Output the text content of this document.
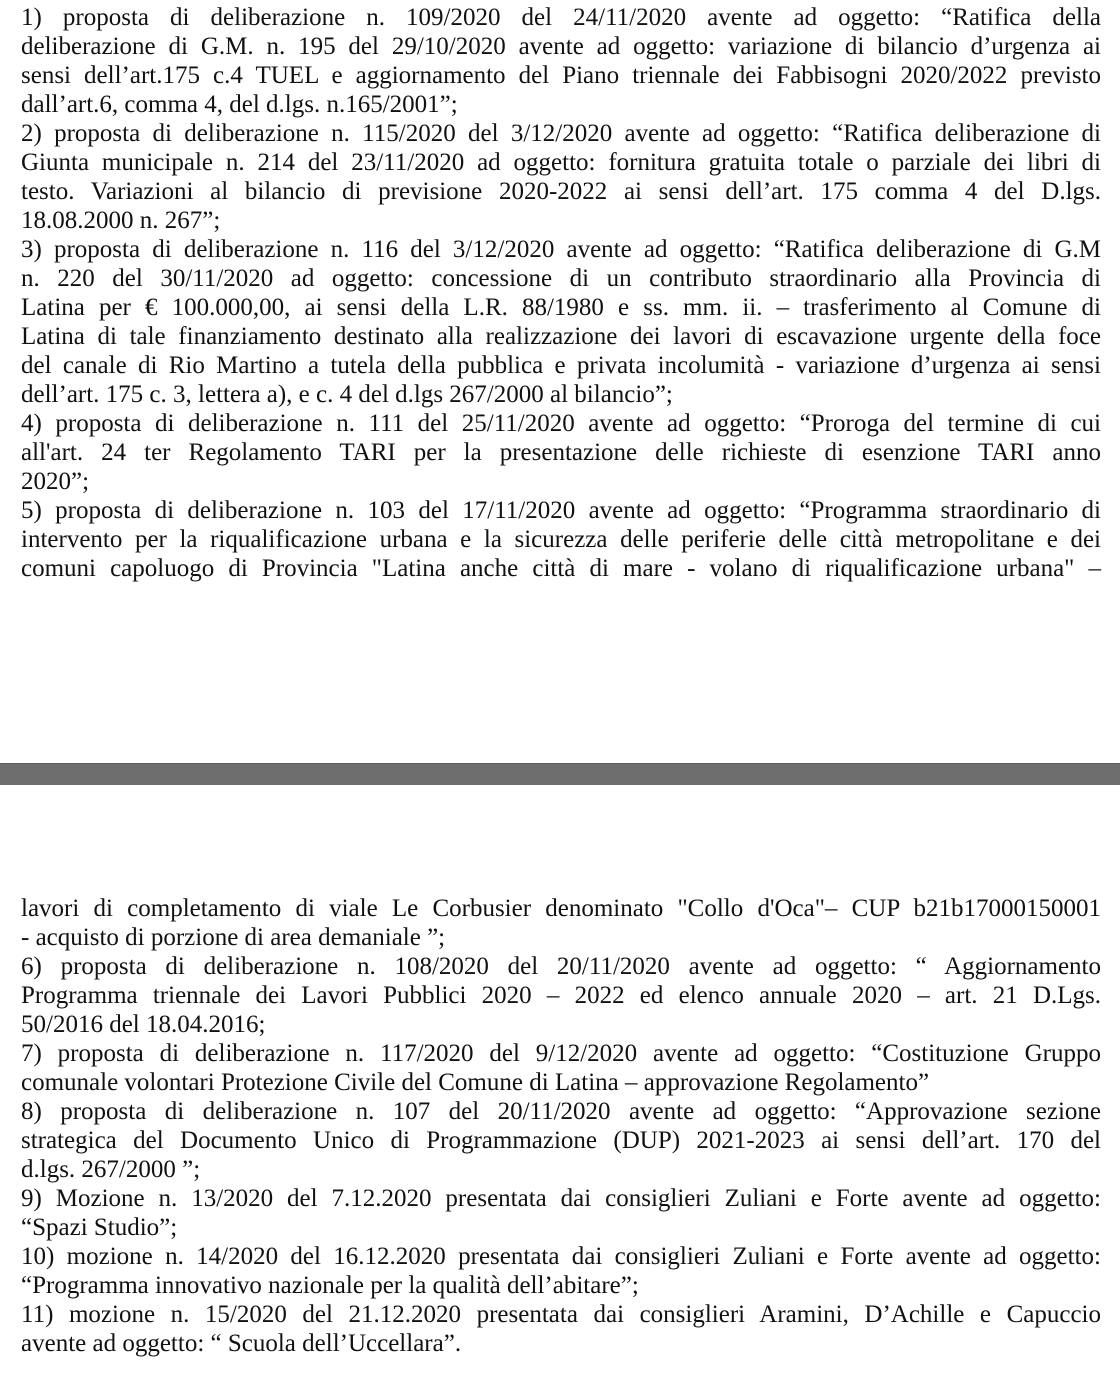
1) proposta di deliberazione n. 109/2020 del 24/11/2020 avente ad oggetto: “Ratifica della
deliberazione di G.M. n. 195 del 29/10/2020 avente ad oggetto: variazione di bilancio d’urgenza ai
sensi dell’art.175 c.4 TUEL e aggiornamento del Piano triennale dei Fabbisogni 2020/2022 previsto
dall’art.6, comma 4, del d.lgs. n.165/2001”;
2) proposta di deliberazione n. 115/2020 del 3/12/2020 avente ad oggetto: “Ratifica deliberazione di
Giunta municipale n. 214 del 23/11/2020 ad oggetto: fornitura gratuita totale o parziale dei libri di
testo. Variazioni al bilancio di previsione 2020-2022 ai sensi dell’art. 175 comma 4 del D.lgs.
18.08.2000 n. 267”;
3) proposta di deliberazione n. 116 del 3/12/2020 avente ad oggetto: “Ratifica deliberazione di G.M
n. 220 del 30/11/2020 ad oggetto: concessione di un contributo straordinario alla Provincia di
Latina per € 100.000,00, ai sensi della L.R. 88/1980 e ss. mm. ii. – trasferimento al Comune di
Latina di tale finanziamento destinato alla realizzazione dei lavori di escavazione urgente della foce
del canale di Rio Martino a tutela della pubblica e privata incolumità - variazione d’urgenza ai sensi
dell’art. 175 c. 3, lettera a), e c. 4 del d.lgs 267/2000 al bilancio”;
4) proposta di deliberazione n. 111 del 25/11/2020 avente ad oggetto: “Proroga del termine di cui
all'art. 24 ter Regolamento TARI per la presentazione delle richieste di esenzione TARI anno
2020”;
5) proposta di deliberazione n. 103 del 17/11/2020 avente ad oggetto: “Programma straordinario di
intervento per la riqualificazione urbana e la sicurezza delle periferie delle città metropolitane e dei
comuni capoluogo di Provincia "Latina anche città di mare - volano di riqualificazione urbana" –
lavori di completamento di viale Le Corbusier denominato "Collo d'Oca"– CUP b21b17000150001
- acquisto di porzione di area demaniale ”;
6) proposta di deliberazione n. 108/2020 del 20/11/2020 avente ad oggetto: “ Aggiornamento
Programma triennale dei Lavori Pubblici 2020 – 2022 ed elenco annuale 2020 – art. 21 D.Lgs.
50/2016 del 18.04.2016;
7) proposta di deliberazione n. 117/2020 del 9/12/2020 avente ad oggetto: “Costituzione Gruppo
comunale volontari Protezione Civile del Comune di Latina – approvazione Regolamento”
8) proposta di deliberazione n. 107 del 20/11/2020 avente ad oggetto: “Approvazione sezione
strategica del Documento Unico di Programmazione (DUP) 2021-2023 ai sensi dell’art. 170 del
d.lgs. 267/2000 ”;
9) Mozione n. 13/2020 del 7.12.2020 presentata dai consiglieri Zuliani e Forte avente ad oggetto:
“Spazi Studio”;
10) mozione n. 14/2020 del 16.12.2020 presentata dai consiglieri Zuliani e Forte avente ad oggetto:
“Programma innovativo nazionale per la qualità dell’abitare”;
11) mozione n. 15/2020 del 21.12.2020 presentata dai consiglieri Aramini, D’Achille e Capuccio
avente ad oggetto: “ Scuola dell’Uccellara”.
